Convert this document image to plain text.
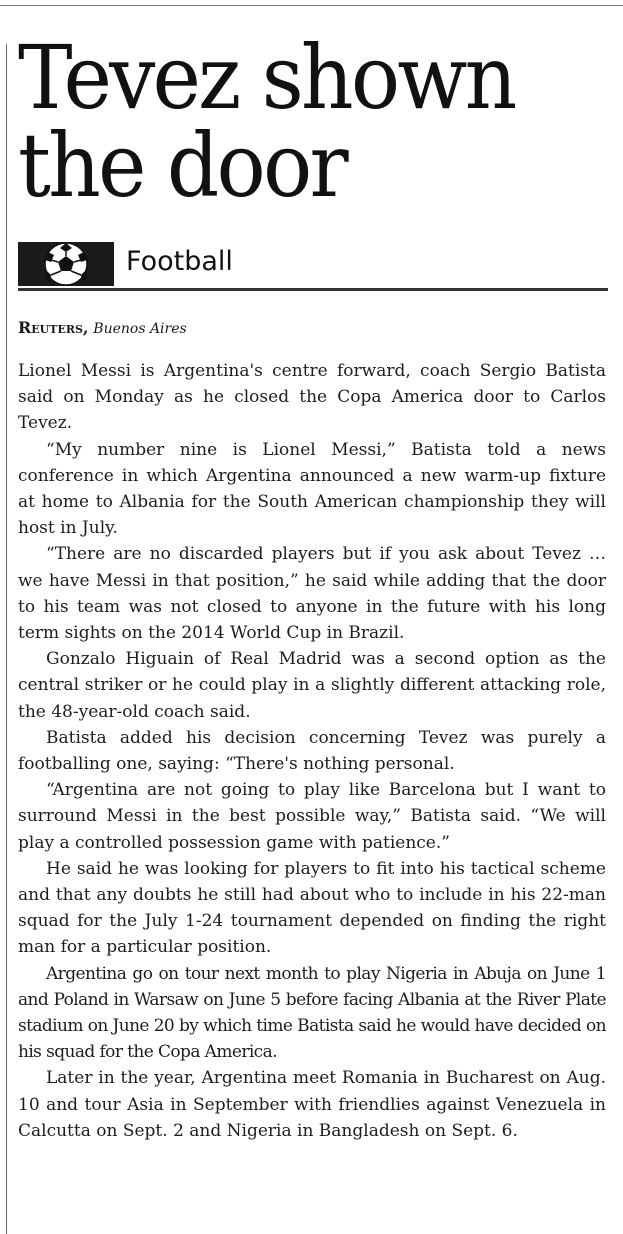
Tevez shown
the door
Football
Reuters, Buenos Aires

Lionel Messi is Argentina's centre forward, coach Sergio Batista said on Monday as he closed the Copa America door to Carlos Tevez.

“My number nine is Lionel Messi,” Batista told a news conference in which Argentina announced a new warm-up fixture at home to Albania for the South American championship they will host in July.

“There are no discarded players but if you ask about Tevez … we have Messi in that position,” he said while adding that the door to his team was not closed to anyone in the future with his long term sights on the 2014 World Cup in Brazil.

Gonzalo Higuain of Real Madrid was a second option as the central striker or he could play in a slightly different attacking role, the 48-year-old coach said.

Batista added his decision concerning Tevez was purely a footballing one, saying: “There's nothing personal.

“Argentina are not going to play like Barcelona but I want to surround Messi in the best possible way,” Batista said. “We will play a controlled possession game with patience.”

He said he was looking for players to fit into his tactical scheme and that any doubts he still had about who to include in his 22-man squad for the July 1-24 tournament depended on finding the right man for a particular position.

Argentina go on tour next month to play Nigeria in Abuja on June 1 and Poland in Warsaw on June 5 before facing Albania at the River Plate stadium on June 20 by which time Batista said he would have decided on his squad for the Copa America.

Later in the year, Argentina meet Romania in Bucharest on Aug. 10 and tour Asia in September with friendlies against Venezuela in Calcutta on Sept. 2 and Nigeria in Bangladesh on Sept. 6.
